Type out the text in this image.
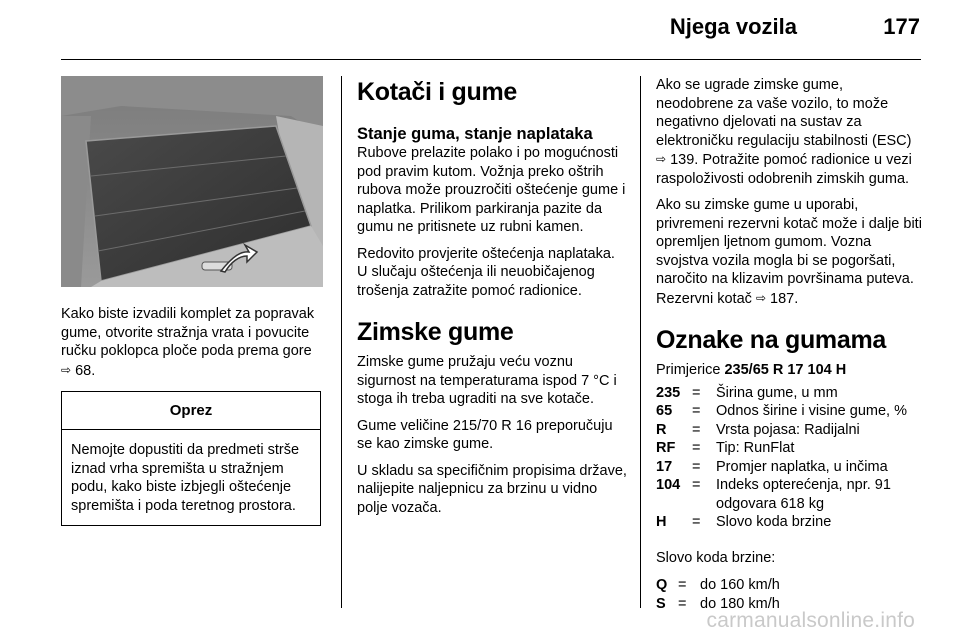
Njega vozila	177

Kako biste izvadili komplet za popravak gume, otvorite stražnja vrata i povucite ručku poklopca ploče poda prema gore ⇨ 68.

Oprez
Nemojte dopustiti da predmeti strše iznad vrha spremišta u stražnjem podu, kako biste izbjegli oštećenje spremišta i poda teretnog prostora.
Kotači i gume
Stanje guma, stanje naplataka

Rubove prelazite polako i po mogućnosti pod pravim kutom. Vožnja preko oštrih rubova može prouzročiti oštećenje gume i naplatka. Prilikom parkiranja pazite da gumu ne pritisnete uz rubni kamen.

Redovito provjerite oštećenja naplataka. U slučaju oštećenja ili neuobičajenog trošenja zatražite pomoć radionice.

Zimske gume

Zimske gume pružaju veću voznu sigurnost na temperaturama ispod 7 °C i stoga ih treba ugraditi na sve kotače.

Gume veličine 215/70 R 16 preporučuju se kao zimske gume.

U skladu sa specifičnim propisima države, nalijepite naljepnicu za brzinu u vidno polje vozača.

Ako se ugrade zimske gume, neodobrene za vaše vozilo, to može negativno djelovati na sustav za elektroničku regulaciju stabilnosti (ESC) ⇨ 139. Potražite pomoć radionice u vezi raspoloživosti odobrenih zimskih guma.

Ako su zimske gume u uporabi, privremeni rezervni kotač može i dalje biti opremljen ljetnom gumom. Vozna svojstva vozila mogla bi se pogoršati, naročito na klizavim površinama puteva. Rezervni kotač ⇨ 187.

Oznake na gumama
Primjerice 235/65 R 17 104 H
235	=	Širina gume, u mm
65	=	Odnos širine i visine gume, %
R	=	Vrsta pojasa: Radijalni
RF	=	Tip: RunFlat
17	=	Promjer naplatka, u inčima
104	=	Indeks opterećenja, npr. 91 odgovara 618 kg
H	=	Slovo koda brzine
Slovo koda brzine:
Q	=	do 160 km/h
S	=	do 180 km/h
carmanualsonline.info
